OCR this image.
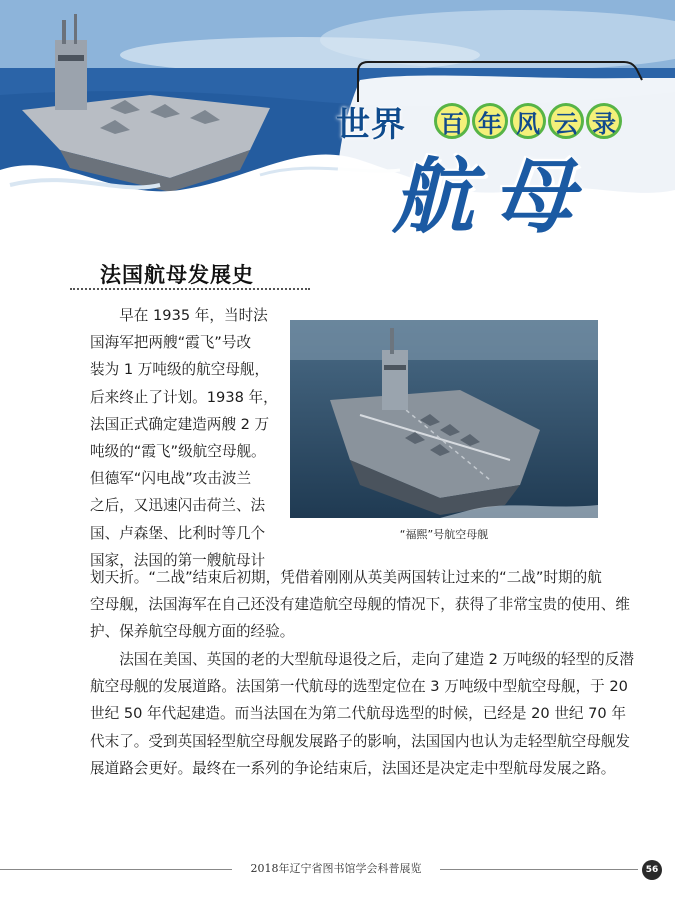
世界 百 年 风 云 录
航母
法国航母发展史
早在 1935 年，当时法
国海军把两艘“霞飞”号改
装为 1 万吨级的航空母舰，
后来终止了计划。1938 年，
法国正式确定建造两艘 2 万
吨级的“霞飞”级航空母舰。
但德军“闪电战”攻击波兰
之后，又迅速闪击荷兰、法
国、卢森堡、比利时等几个
国家，法国的第一艘航母计
“福熙”号航空母舰
划天折。“二战”结束后初期，凭借着刚刚从英美两国转让过来的“二战”时期的航
空母舰，法国海军在自己还没有建造航空母舰的情况下，获得了非常宝贵的使用、维
护、保养航空母舰方面的经验。
法国在美国、英国的老的大型航母退役之后，走向了建造 2 万吨级的轻型的反潜航空母舰的发展道路。法国第一代航母的选型定位在 3 万吨级中型航空母舰，于 20 世纪 50 年代起建造。而当法国在为第二代航母选型的时候，已经是 20 世纪 70 年代末了。受到英国轻型航空母舰发展路子的影响，法国国内也认为走轻型航空母舰发展道路会更好。最终在一系列的争论结束后，法国还是决定走中型航母发展之路。
2018年辽宁省图书馆学会科普展览	56
